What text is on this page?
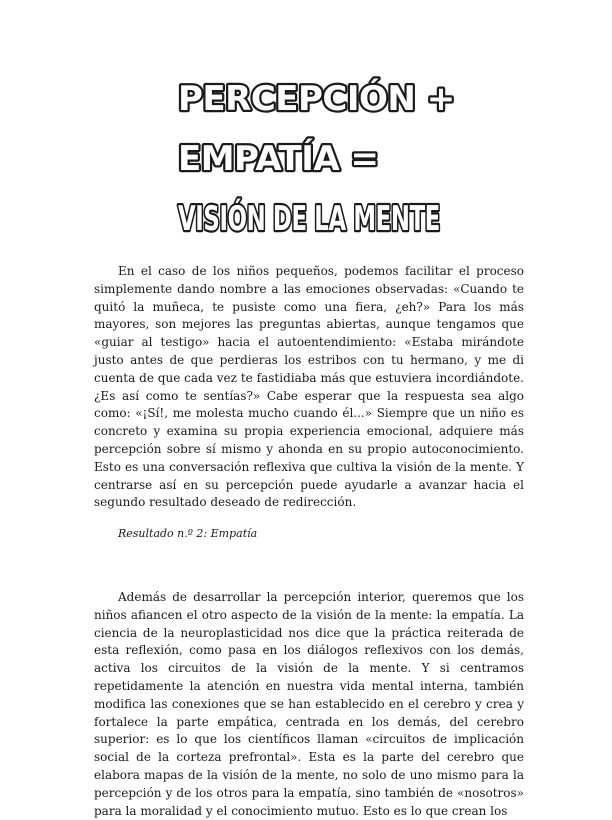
PERCEPCIÓN +
EMPATÍA =
VISIÓN DE LA MENTE

En el caso de los niños pequeños, podemos facilitar el proceso simplemente dando nombre a las emociones observadas: «Cuando te quitó la muñeca, te pusiste como una fiera, ¿eh?» Para los más mayores, son mejores las preguntas abiertas, aunque tengamos que «guiar al testigo» hacia el autoentendimiento: «Estaba mirándote justo antes de que perdieras los estribos con tu hermano, y me di cuenta de que cada vez te fastidiaba más que estuviera incordiándote. ¿Es así como te sentías?» Cabe esperar que la respuesta sea algo como: «¡Sí!, me molesta mucho cuando él...» Siempre que un niño es concreto y examina su propia experiencia emocional, adquiere más percepción sobre sí mismo y ahonda en su propio autoconocimiento. Esto es una conversación reflexiva que cultiva la visión de la mente. Y centrarse así en su percepción puede ayudarle a avanzar hacia el segundo resultado deseado de redirección.

Resultado n.º 2: Empatía

Además de desarrollar la percepción interior, queremos que los niños afiancen el otro aspecto de la visión de la mente: la empatía. La ciencia de la neuroplasticidad nos dice que la práctica reiterada de esta reflexión, como pasa en los diálogos reflexivos con los demás, activa los circuitos de la visión de la mente. Y si centramos repetidamente la atención en nuestra vida mental interna, también modifica las conexiones que se han establecido en el cerebro y crea y fortalece la parte empática, centrada en los demás, del cerebro superior: es lo que los científicos llaman «circuitos de implicación social de la corteza prefrontal». Esta es la parte del cerebro que elabora mapas de la visión de la mente, no solo de uno mismo para la percepción y de los otros para la empatía, sino también de «nosotros» para la moralidad y el conocimiento mutuo. Esto es lo que crean los
